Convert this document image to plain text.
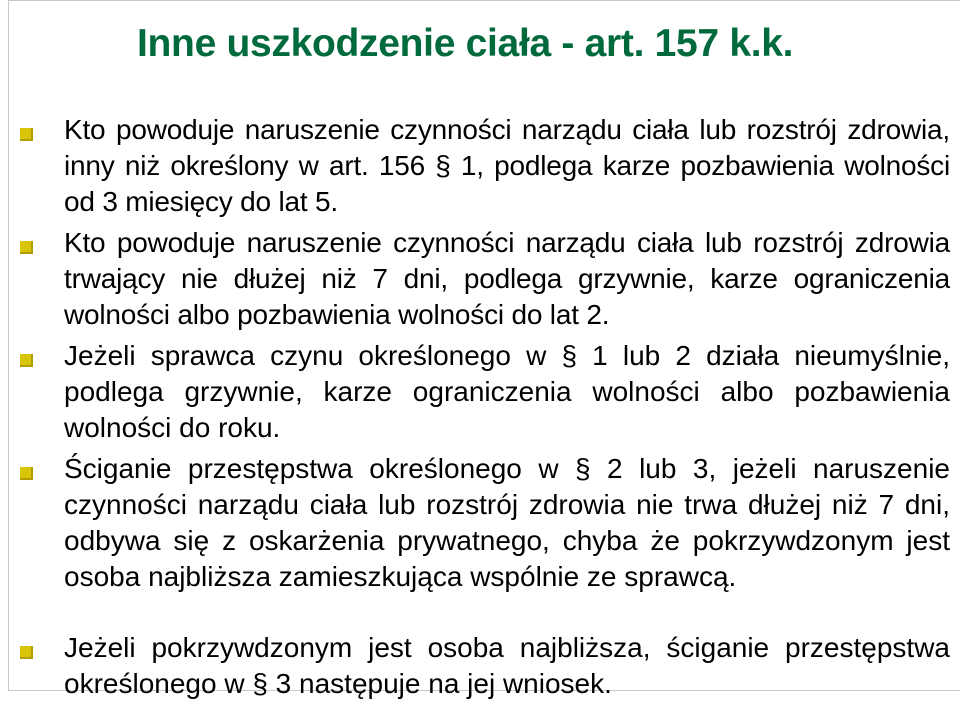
Inne uszkodzenie ciała - art. 157 k.k.

Kto powoduje naruszenie czynności narządu ciała lub rozstrój zdrowia, inny niż określony w art. 156 § 1, podlega karze pozbawienia wolności od 3 miesięcy do lat 5.

Kto powoduje naruszenie czynności narządu ciała lub rozstrój zdrowia trwający nie dłużej niż 7 dni, podlega grzywnie, karze ograniczenia wolności albo pozbawienia wolności do lat 2.

Jeżeli sprawca czynu określonego w § 1 lub 2 działa nieumyślnie, podlega grzywnie, karze ograniczenia wolności albo pozbawienia wolności do roku.

Ściganie przestępstwa określonego w § 2 lub 3, jeżeli naruszenie czynności narządu ciała lub rozstrój zdrowia nie trwa dłużej niż 7 dni, odbywa się z oskarżenia prywatnego, chyba że pokrzywdzonym jest osoba najbliższa zamieszkująca wspólnie ze sprawcą.

Jeżeli pokrzywdzonym jest osoba najbliższa, ściganie przestępstwa określonego w § 3 następuje na jej wniosek.
